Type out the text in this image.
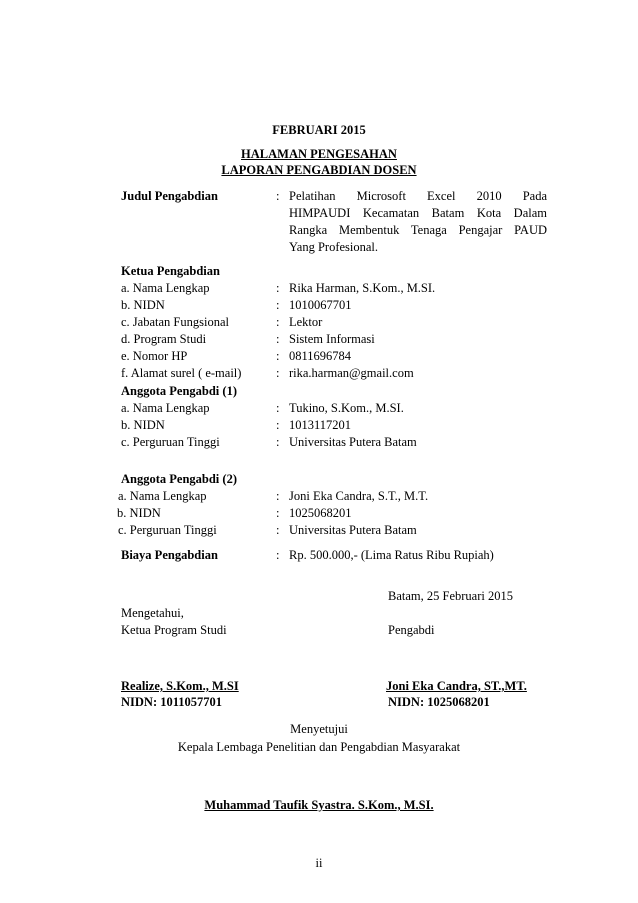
FEBRUARI 2015
HALAMAN PENGESAHAN
LAPORAN PENGABDIAN DOSEN
Judul Pengabdian	: Pelatihan Microsoft Excel 2010 Pada
HIMPAUDI Kecamatan Batam Kota Dalam
Rangka Membentuk Tenaga Pengajar PAUD
Yang Profesional.
Ketua Pengabdian
a. Nama Lengkap	: Rika Harman, S.Kom., M.SI.
b. NIDN	: 1010067701
c. Jabatan Fungsional	: Lektor
d. Program Studi	: Sistem Informasi
e. Nomor HP	: 0811696784
f. Alamat surel ( e-mail)	: rika.harman@gmail.com
Anggota Pengabdi (1)
a. Nama Lengkap	: Tukino, S.Kom., M.SI.
b. NIDN	: 1013117201
c. Perguruan Tinggi	: Universitas Putera Batam
Anggota Pengabdi (2)
a. Nama Lengkap	: Joni Eka Candra, S.T., M.T.
b. NIDN	: 1025068201
c. Perguruan Tinggi	: Universitas Putera Batam
Biaya Pengabdian	: Rp. 500.000,- (Lima Ratus Ribu Rupiah)
Batam, 25 Februari 2015
Mengetahui,
Ketua Program Studi	Pengabdi
Realize, S.Kom., M.SI
NIDN: 1011057701
Joni Eka Candra, ST.,MT.
NIDN: 1025068201
Menyetujui
Kepala Lembaga Penelitian dan Pengabdian Masyarakat
Muhammad Taufik Syastra. S.Kom., M.SI.
ii
